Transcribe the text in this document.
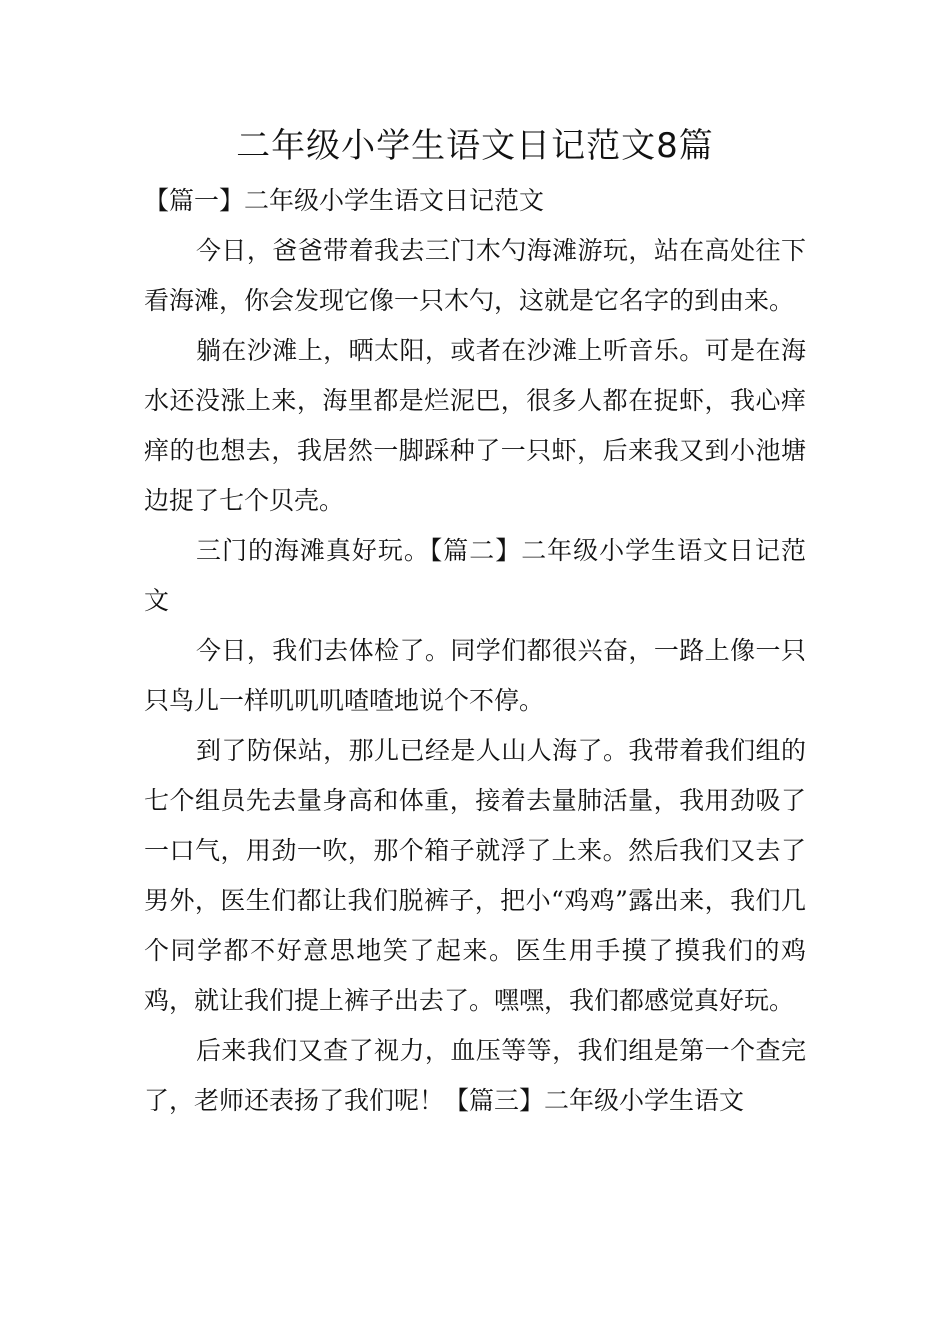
二年级小学生语文日记范文8篇

【篇一】二年级小学生语文日记范文

今日，爸爸带着我去三门木勺海滩游玩，站在高处往下看海滩，你会发现它像一只木勺，这就是它名字的到由来。

躺在沙滩上，晒太阳，或者在沙滩上听音乐。可是在海水还没涨上来，海里都是烂泥巴，很多人都在捉虾，我心痒痒的也想去，我居然一脚踩种了一只虾，后来我又到小池塘边捉了七个贝壳。

三门的海滩真好玩。【篇二】二年级小学生语文日记范文

今日，我们去体检了。同学们都很兴奋，一路上像一只只鸟儿一样叽叽叽喳喳地说个不停。

到了防保站，那儿已经是人山人海了。我带着我们组的七个组员先去量身高和体重，接着去量肺活量，我用劲吸了一口气，用劲一吹，那个箱子就浮了上来。然后我们又去了男外，医生们都让我们脱裤子，把小“鸡鸡”露出来，我们几个同学都不好意思地笑了起来。医生用手摸了摸我们的鸡鸡，就让我们提上裤子出去了。嘿嘿，我们都感觉真好玩。

后来我们又查了视力，血压等等，我们组是第一个查完了，老师还表扬了我们呢！【篇三】二年级小学生语文
